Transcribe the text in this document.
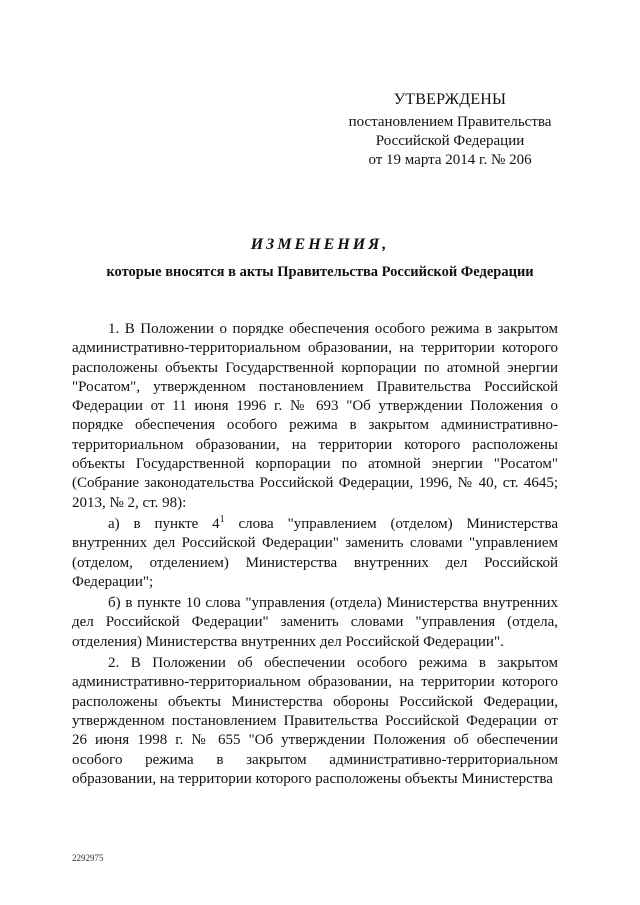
УТВЕРЖДЕНЫ
постановлением Правительства
Российской Федерации
от 19 марта 2014 г. № 206
ИЗМЕНЕНИЯ,
которые вносятся в акты Правительства Российской Федерации

1. В Положении о порядке обеспечения особого режима в закрытом административно-территориальном образовании, на территории которого расположены объекты Государственной корпорации по атомной энергии "Росатом", утвержденном постановлением Правительства Российской Федерации от 11 июня 1996 г. № 693 "Об утверждении Положения о порядке обеспечения особого режима в закрытом административно-территориальном образовании, на территории которого расположены объекты Государственной корпорации по атомной энергии "Росатом" (Собрание законодательства Российской Федерации, 1996, № 40, ст. 4645; 2013, № 2, ст. 98):

а) в пункте $4^1$ слова "управлением (отделом) Министерства внутренних дел Российской Федерации" заменить словами "управлением (отделом, отделением) Министерства внутренних дел Российской Федерации";

б) в пункте 10 слова "управления (отдела) Министерства внутренних дел Российской Федерации" заменить словами "управления (отдела, отделения) Министерства внутренних дел Российской Федерации".

2. В Положении об обеспечении особого режима в закрытом административно-территориальном образовании, на территории которого расположены объекты Министерства обороны Российской Федерации, утвержденном постановлением Правительства Российской Федерации от 26 июня 1998 г. № 655 "Об утверждении Положения об обеспечении особого режима в закрытом административно-территориальном образовании, на территории которого расположены объекты Министерства

2292975
